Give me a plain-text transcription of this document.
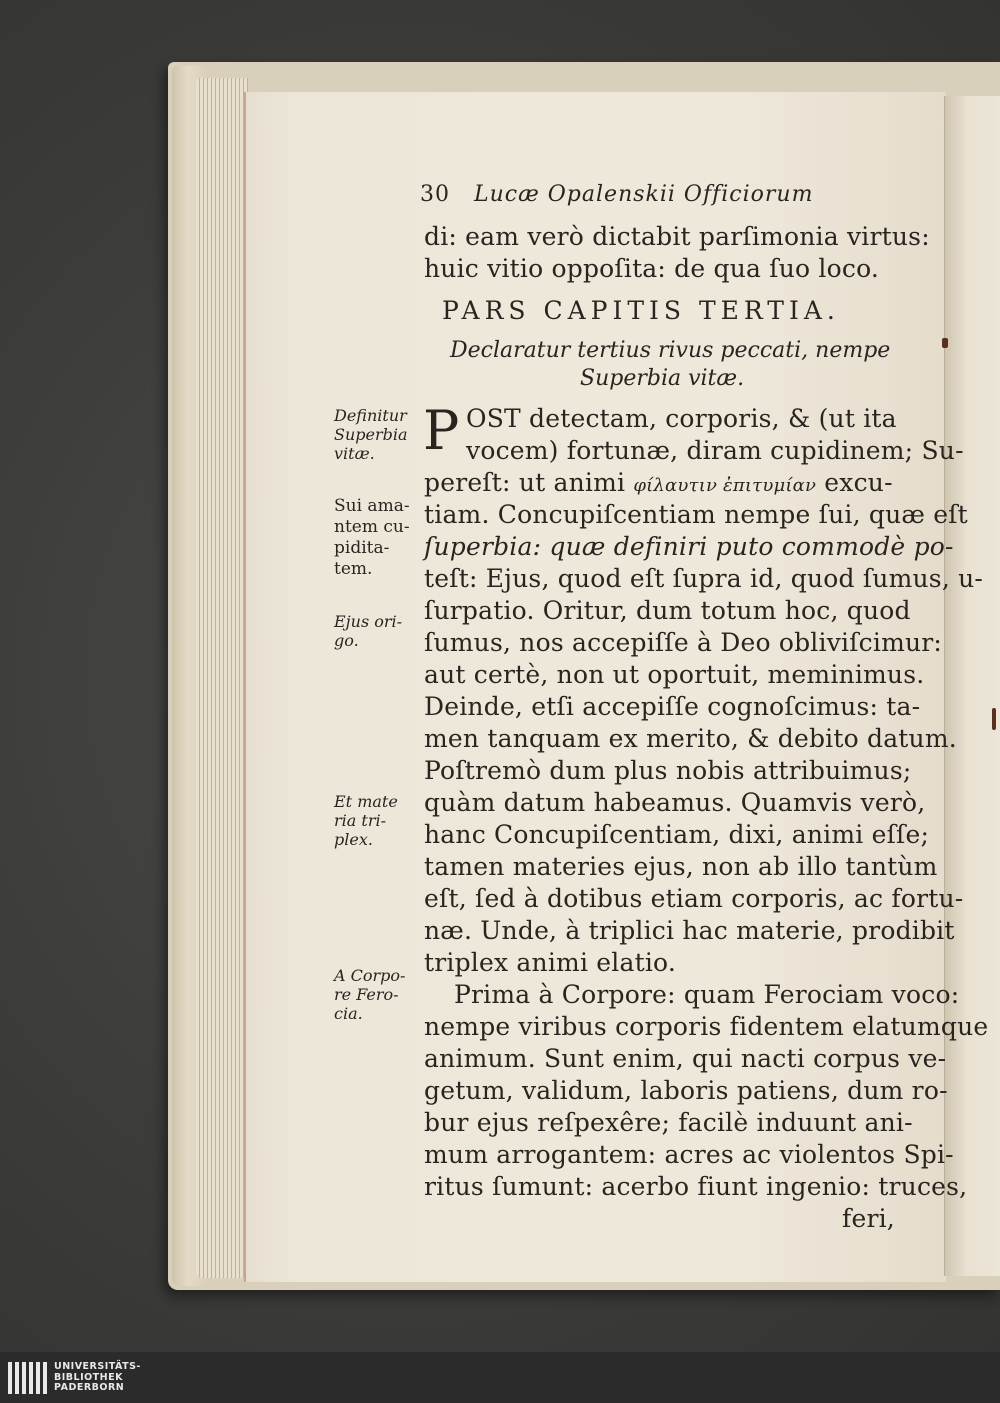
30 Lucæ Opalenskii Officiorum
di: eam verò dictabit parſimonia virtus:
huic vitio oppoſita: de qua ſuo loco.
PARS CAPITIS TERTIA.
Declaratur tertius rivus peccati, nempe
Superbia vitæ.
P OST detectam, corporis, & (ut ita
vocem) fortunæ, diram cupidinem; Su-
pereſt: ut animi φίλαυτιν ἐπιτυμίαν excu-
tiam. Concupiſcentiam nempe ſui, quæ eſt
ſuperbia: quæ definiri puto commodè po-
teſt: Ejus, quod eſt ſupra id, quod ſumus, u-
ſurpatio. Oritur, dum totum hoc, quod
ſumus, nos accepiſſe à Deo obliviſcimur:
aut certè, non ut oportuit, meminimus.
Deinde, etſi accepiſſe cognoſcimus: ta-
men tanquam ex merito, & debito datum.
Poſtremò dum plus nobis attribuimus;
quàm datum habeamus. Quamvis verò,
hanc Concupiſcentiam, dixi, animi eſſe;
tamen materies ejus, non ab illo tantùm
eſt, ſed à dotibus etiam corporis, ac fortu-
næ. Unde, à triplici hac materie, prodibit
triplex animi elatio.
Prima à Corpore: quam Ferociam voco:
nempe viribus corporis fidentem elatumque
animum. Sunt enim, qui nacti corpus ve-
getum, validum, laboris patiens, dum ro-
bur ejus reſpexêre; facilè induunt ani-
mum arrogantem: acres ac violentos Spi-
ritus ſumunt: acerbo fiunt ingenio: truces,
feri,
Definitur
Superbia
vitæ.
Sui ama-
ntem cu-
pidita-
tem.
Ejus ori-
go.
Et mate
ria tri-
plex.
A Corpo-
re Fero-
cia.
UNIVERSITÄTS-
BIBLIOTHEK
PADERBORN
